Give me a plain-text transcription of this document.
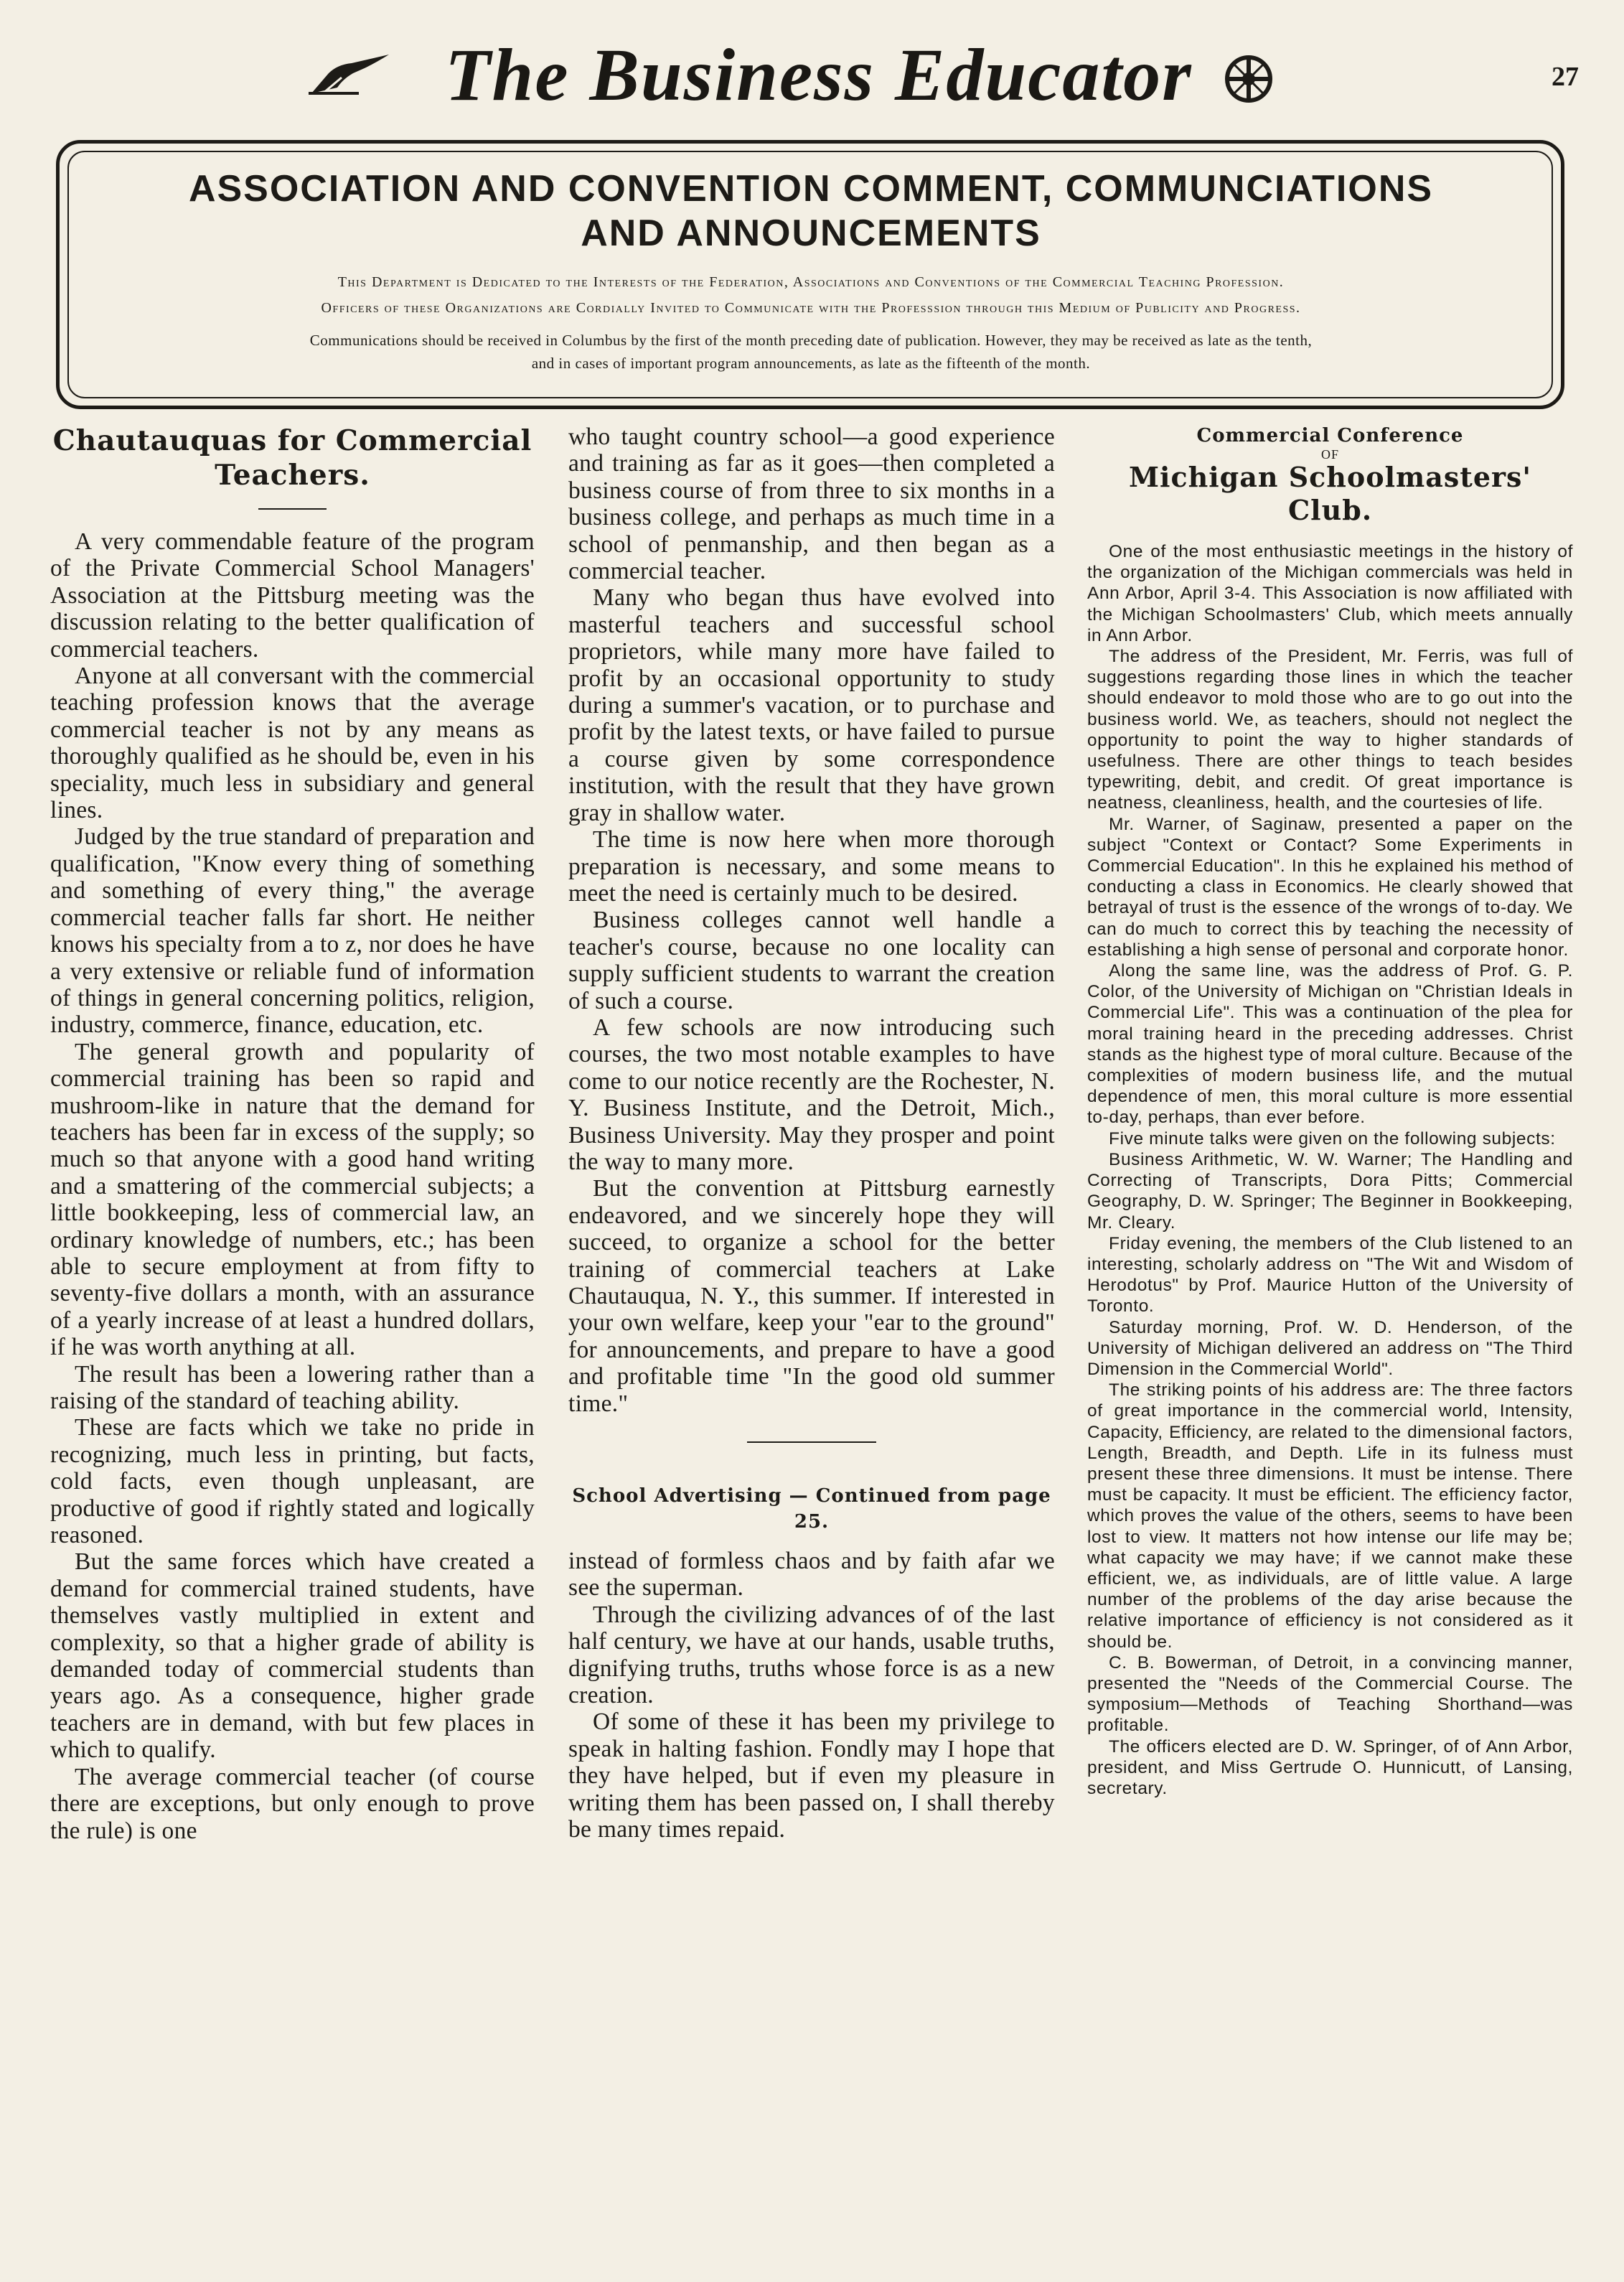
The Business Educator	27
ASSOCIATION AND CONVENTION COMMENT, COMMUNCIATIONS
AND ANNOUNCEMENTS
This Department is Dedicated to the Interests of the Federation, Associations and Conventions of the Commercial Teaching Profession.
Officers of these Organizations are Cordially Invited to Communicate with the Professsion through this Medium of Publicity and Progress.
Communications should be received in Columbus by the first of the month preceding date of publication. However, they may be received as late as the tenth,
and in cases of important program announcements, as late as the fifteenth of the month.
Chautauquas for Commercial Teachers.

A very commendable feature of the program of the Private Commercial School Managers' Association at the Pittsburg meeting was the discussion relating to the better qualification of commercial teachers.

Anyone at all conversant with the commercial teaching profession knows that the average commercial teacher is not by any means as thoroughly qualified as he should be, even in his speciality, much less in subsidiary and general lines.

Judged by the true standard of preparation and qualification, "Know every thing of something and something of every thing," the average commercial teacher falls far short. He neither knows his specialty from a to z, nor does he have a very extensive or reliable fund of information of things in general concerning politics, religion, industry, commerce, finance, education, etc.

The general growth and popularity of commercial training has been so rapid and mushroom-like in nature that the demand for teachers has been far in excess of the supply; so much so that anyone with a good hand writing and a smattering of the commercial subjects; a little bookkeeping, less of commercial law, an ordinary knowledge of numbers, etc.; has been able to secure employment at from fifty to seventy-five dollars a month, with an assurance of a yearly increase of at least a hundred dollars, if he was worth anything at all.

The result has been a lowering rather than a raising of the standard of teaching ability.

These are facts which we take no pride in recognizing, much less in printing, but facts, cold facts, even though unpleasant, are productive of good if rightly stated and logically reasoned.

But the same forces which have created a demand for commercial trained students, have themselves vastly multiplied in extent and complexity, so that a higher grade of ability is demanded today of commercial students than years ago. As a consequence, higher grade teachers are in demand, with but few places in which to qualify.

The average commercial teacher (of course there are exceptions, but only enough to prove the rule) is one

who taught country school—a good experience and training as far as it goes—then completed a business course of from three to six months in a business college, and perhaps as much time in a school of penmanship, and then began as a commercial teacher.

Many who began thus have evolved into masterful teachers and successful school proprietors, while many more have failed to profit by an occasional opportunity to study during a summer's vacation, or to purchase and profit by the latest texts, or have failed to pursue a course given by some correspondence institution, with the result that they have grown gray in shallow water.

The time is now here when more thorough preparation is necessary, and some means to meet the need is certainly much to be desired.

Business colleges cannot well handle a teacher's course, because no one locality can supply sufficient students to warrant the creation of such a course.

A few schools are now introducing such courses, the two most notable examples to have come to our notice recently are the Rochester, N. Y. Business Institute, and the Detroit, Mich., Business University. May they prosper and point the way to many more.

But the convention at Pittsburg earnestly endeavored, and we sincerely hope they will succeed, to organize a school for the better training of commercial teachers at Lake Chautauqua, N. Y., this summer. If interested in your own welfare, keep your "ear to the ground" for announcements, and prepare to have a good and profitable time "In the good old summer time."

School Advertising — Continued from page 25.

instead of formless chaos and by faith afar we see the superman.

Through the civilizing advances of of the last half century, we have at our hands, usable truths, dignifying truths, truths whose force is as a new creation.

Of some of these it has been my privilege to speak in halting fashion. Fondly may I hope that they have helped, but if even my pleasure in writing them has been passed on, I shall thereby be many times repaid.

Commercial Conference
OF
Michigan Schoolmasters' Club.

One of the most enthusiastic meetings in the history of the organization of the Michigan commercials was held in Ann Arbor, April 3-4. This Association is now affiliated with the Michigan Schoolmasters' Club, which meets annually in Ann Arbor.

The address of the President, Mr. Ferris, was full of suggestions regarding those lines in which the teacher should endeavor to mold those who are to go out into the business world. We, as teachers, should not neglect the opportunity to point the way to higher standards of usefulness. There are other things to teach besides typewriting, debit, and credit. Of great importance is neatness, cleanliness, health, and the courtesies of life.

Mr. Warner, of Saginaw, presented a paper on the subject "Context or Contact? Some Experiments in Commercial Education". In this he explained his method of conducting a class in Economics. He clearly showed that betrayal of trust is the essence of the wrongs of to-day. We can do much to correct this by teaching the necessity of establishing a high sense of personal and corporate honor.

Along the same line, was the address of Prof. G. P. Color, of the University of Michigan on "Christian Ideals in Commercial Life". This was a continuation of the plea for moral training heard in the preceding addresses. Christ stands as the highest type of moral culture. Because of the complexities of modern business life, and the mutual dependence of men, this moral culture is more essential to-day, perhaps, than ever before.

Five minute talks were given on the following subjects:

Business Arithmetic, W. W. Warner; The Handling and Correcting of Transcripts, Dora Pitts; Commercial Geography, D. W. Springer; The Beginner in Bookkeeping, Mr. Cleary.

Friday evening, the members of the Club listened to an interesting, scholarly address on "The Wit and Wisdom of Herodotus" by Prof. Maurice Hutton of the University of Toronto.

Saturday morning, Prof. W. D. Henderson, of the University of Michigan delivered an address on "The Third Dimension in the Commercial World".

The striking points of his address are: The three factors of great importance in the commercial world, Intensity, Capacity, Efficiency, are related to the dimensional factors, Length, Breadth, and Depth. Life in its fulness must present these three dimensions. It must be intense. There must be capacity. It must be efficient. The efficiency factor, which proves the value of the others, seems to have been lost to view. It matters not how intense our life may be; what capacity we may have; if we cannot make these efficient, we, as individuals, are of little value. A large number of the problems of the day arise because the relative importance of efficiency is not considered as it should be.

C. B. Bowerman, of Detroit, in a convincing manner, presented the "Needs of the Commercial Course. The symposium—Methods of Teaching Shorthand—was profitable.

The officers elected are D. W. Springer, of of Ann Arbor, president, and Miss Gertrude O. Hunnicutt, of Lansing, secretary.
